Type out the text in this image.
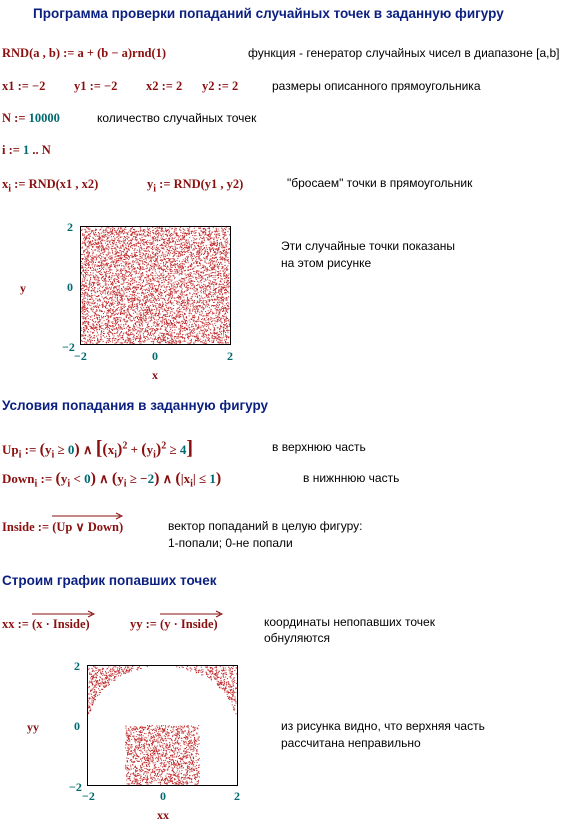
Программа проверки попаданий случайных точек в заданную фигуру
RND(a , b) := a + (b − a)rnd(1)	функция - генератор случайных чисел в диапазоне [a,b]
x1 := −2 y1 := −2 x2 := 2 y2 := 2	размеры описанного прямоугольника
N := 10000	количество случайных точек
i := 1 .. N
$x_i$ := RND(x1 , x2)	$y_i$ := RND(y1 , y2)	"бросаем" точки в прямоугольник
2
0
−2
y
−2	0	2
x
Эти случайные точки показаны
на этом рисунке
Условия попадания в заданную фигуру
$Up_i$ := $(y_i \ge 0)$ ∧ $[(x_i)^2 + (y_i)^2 \ge 4]$	в верхнюю часть
Down$_i$ := $(y_i < 0)$ ∧ $(y_i \ge -2)$ ∧ $(|x_i| \le 1)$	в нижннюю часть
Inside := (Up ∨ Down)	вектор попаданий в целую фигуру:
1-попали; 0-не попали
Строим график попавших точек
xx := (x · Inside)	yy := (y · Inside)	координаты непопавших точек
обнуляются
2
0
−2
yy
−2	0	2
xx
из рисунка видно, что верхняя часть
рассчитана неправильно
